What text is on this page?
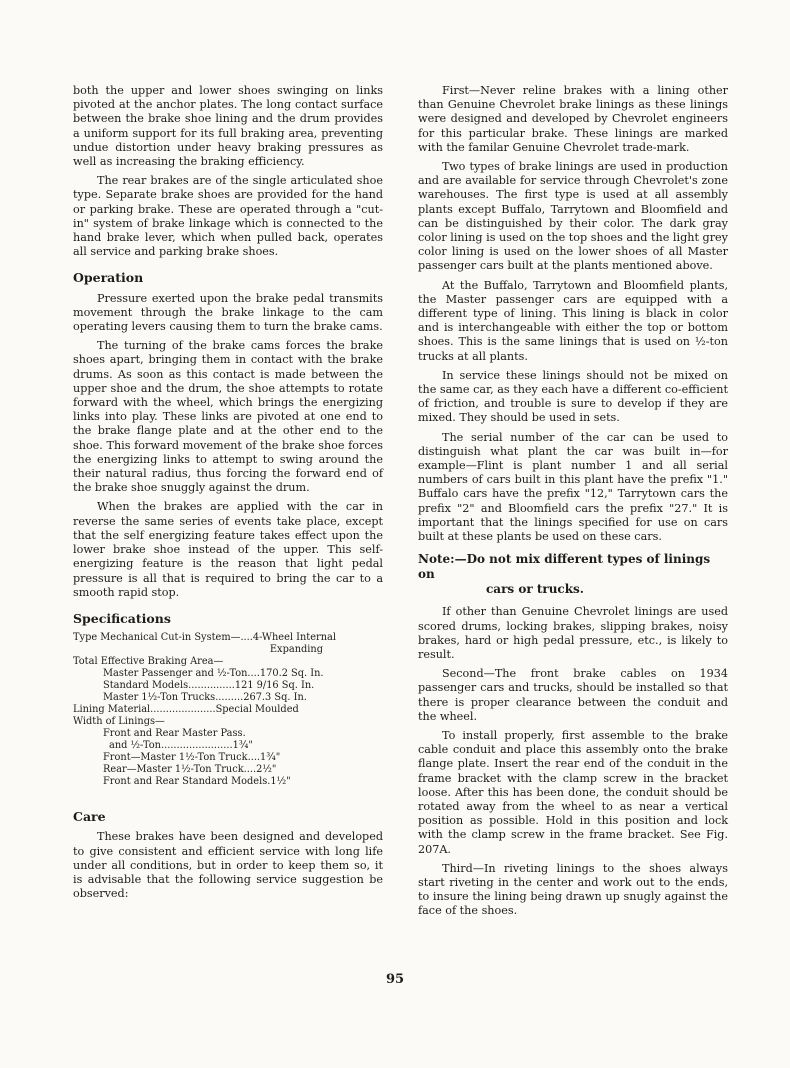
both the upper and lower shoes swinging on links pivoted at the anchor plates. The long contact surface between the brake shoe lining and the drum provides a uniform support for its full braking area, preventing undue distortion under heavy braking pressures as well as increasing the braking efficiency.

The rear brakes are of the single articulated shoe type. Separate brake shoes are provided for the hand or parking brake. These are operated through a "cut-in" system of brake linkage which is connected to the hand brake lever, which when pulled back, operates all service and parking brake shoes.

Operation

Pressure exerted upon the brake pedal transmits movement through the brake linkage to the cam operating levers causing them to turn the brake cams.

The turning of the brake cams forces the brake shoes apart, bringing them in contact with the brake drums. As soon as this contact is made between the upper shoe and the drum, the shoe attempts to rotate forward with the wheel, which brings the energizing links into play. These links are pivoted at one end to the brake flange plate and at the other end to the shoe. This forward movement of the brake shoe forces the energizing links to attempt to swing around the their natural radius, thus forcing the forward end of the brake shoe snuggly against the drum.

When the brakes are applied with the car in reverse the same series of events take place, except that the self energizing feature takes effect upon the lower brake shoe instead of the upper. This self-energizing feature is the reason that light pedal pressure is all that is required to bring the car to a smooth rapid stop.

Specifications
Type Mechanical Cut-in System—....4-Wheel Internal
Expanding
Total Effective Braking Area—
Master Passenger and ½-Ton....170.2 Sq. In.
Standard Models...............121 9/16 Sq. In.
Master 1½-Ton Trucks.........267.3 Sq. In.
Lining Material.....................Special Moulded
Width of Linings—
Front and Rear Master Pass.
and ½-Ton.......................1¾"
Front—Master 1½-Ton Truck....1¾"
Rear—Master 1½-Ton Truck....2½"
Front and Rear Standard Models.1½"
Care

These brakes have been designed and developed to give consistent and efficient service with long life under all conditions, but in order to keep them so, it is advisable that the following service suggestion be observed:

First—Never reline brakes with a lining other than Genuine Chevrolet brake linings as these linings were designed and developed by Chevrolet engineers for this particular brake. These linings are marked with the familar Genuine Chevrolet trade-mark.

Two types of brake linings are used in production and are available for service through Chevrolet's zone warehouses. The first type is used at all assembly plants except Buffalo, Tarrytown and Bloomfield and can be distinguished by their color. The dark gray color lining is used on the top shoes and the light grey color lining is used on the lower shoes of all Master passenger cars built at the plants mentioned above.

At the Buffalo, Tarrytown and Bloomfield plants, the Master passenger cars are equipped with a different type of lining. This lining is black in color and is interchangeable with either the top or bottom shoes. This is the same linings that is used on ½-ton trucks at all plants.

In service these linings should not be mixed on the same car, as they each have a different co-efficient of friction, and trouble is sure to develop if they are mixed. They should be used in sets.

The serial number of the car can be used to distinguish what plant the car was built in—for example—Flint is plant number 1 and all serial numbers of cars built in this plant have the prefix "1." Buffalo cars have the prefix "12," Tarrytown cars the prefix "2" and Bloomfield cars the prefix "27." It is important that the linings specified for use on cars built at these plants be used on these cars.

Note:—Do not mix different types of linings on
cars or trucks.

If other than Genuine Chevrolet linings are used scored drums, locking brakes, slipping brakes, noisy brakes, hard or high pedal pressure, etc., is likely to result.

Second—The front brake cables on 1934 passenger cars and trucks, should be installed so that there is proper clearance between the conduit and the wheel.

To install properly, first assemble to the brake cable conduit and place this assembly onto the brake flange plate. Insert the rear end of the conduit in the frame bracket with the clamp screw in the bracket loose. After this has been done, the conduit should be rotated away from the wheel to as near a vertical position as possible. Hold in this position and lock with the clamp screw in the frame bracket. See Fig. 207A.

Third—In riveting linings to the shoes always start riveting in the center and work out to the ends, to insure the lining being drawn up snugly against the face of the shoes.

95
